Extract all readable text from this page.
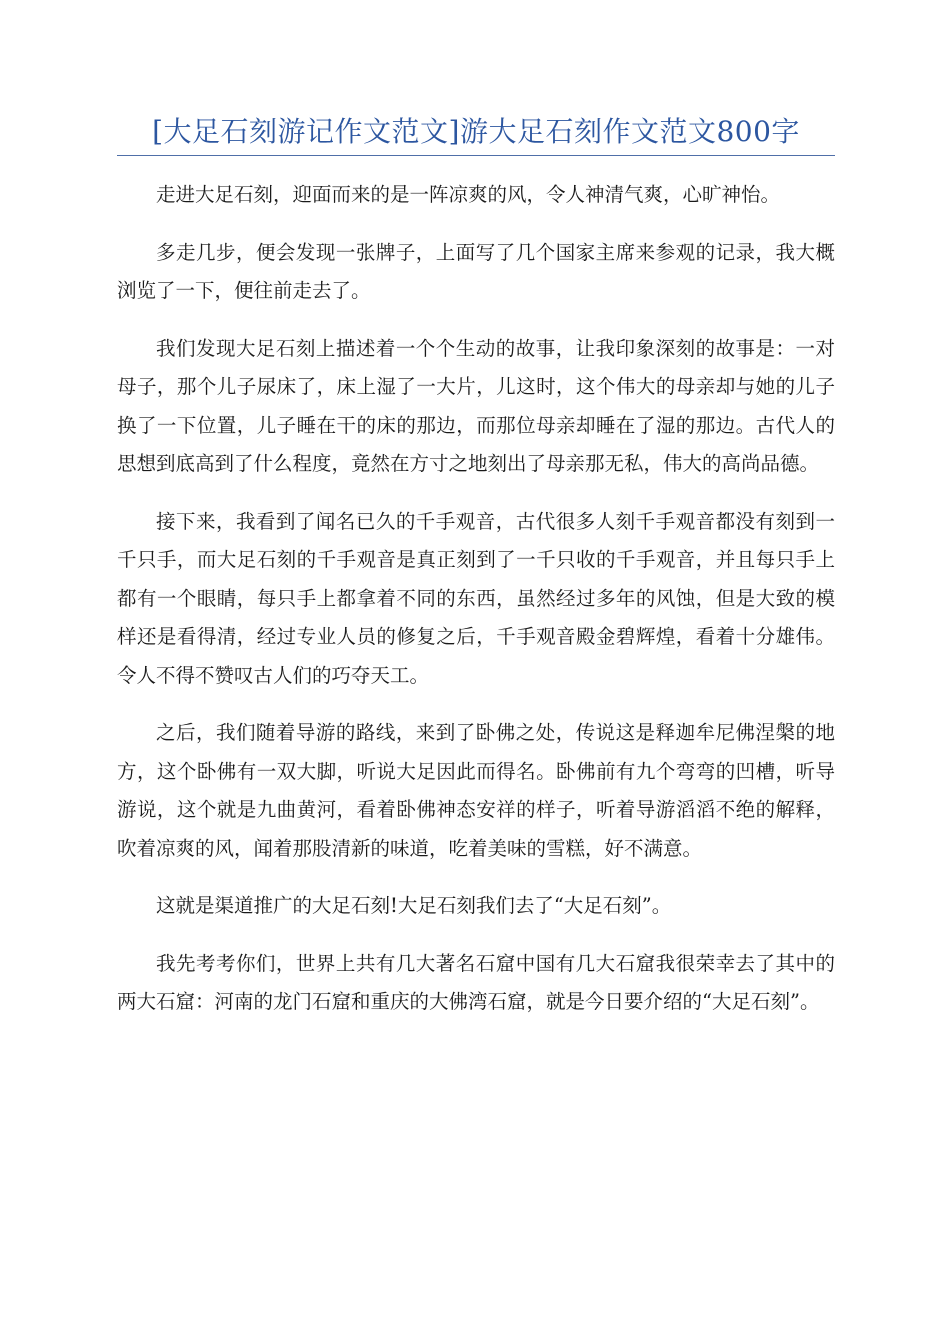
[大足石刻游记作文范文]游大足石刻作文范文800字

走进大足石刻，迎面而来的是一阵凉爽的风，令人神清气爽，心旷神怡。

多走几步，便会发现一张牌子，上面写了几个国家主席来参观的记录，我大概浏览了一下，便往前走去了。

我们发现大足石刻上描述着一个个生动的故事，让我印象深刻的故事是：一对母子，那个儿子尿床了，床上湿了一大片，儿这时，这个伟大的母亲却与她的儿子换了一下位置，儿子睡在干的床的那边，而那位母亲却睡在了湿的那边。古代人的思想到底高到了什么程度，竟然在方寸之地刻出了母亲那无私，伟大的高尚品德。

接下来，我看到了闻名已久的千手观音，古代很多人刻千手观音都没有刻到一千只手，而大足石刻的千手观音是真正刻到了一千只收的千手观音，并且每只手上都有一个眼睛，每只手上都拿着不同的东西，虽然经过多年的风蚀，但是大致的模样还是看得清，经过专业人员的修复之后，千手观音殿金碧辉煌，看着十分雄伟。令人不得不赞叹古人们的巧夺天工。

之后，我们随着导游的路线，来到了卧佛之处，传说这是释迦牟尼佛涅槃的地方，这个卧佛有一双大脚，听说大足因此而得名。卧佛前有九个弯弯的凹槽，听导游说，这个就是九曲黄河，看着卧佛神态安祥的样子，听着导游滔滔不绝的解释，吹着凉爽的风，闻着那股清新的味道，吃着美味的雪糕，好不满意。

这就是渠道推广的大足石刻!大足石刻我们去了“大足石刻”。

我先考考你们，世界上共有几大著名石窟中国有几大石窟我很荣幸去了其中的两大石窟：河南的龙门石窟和重庆的大佛湾石窟，就是今日要介绍的“大足石刻”。
